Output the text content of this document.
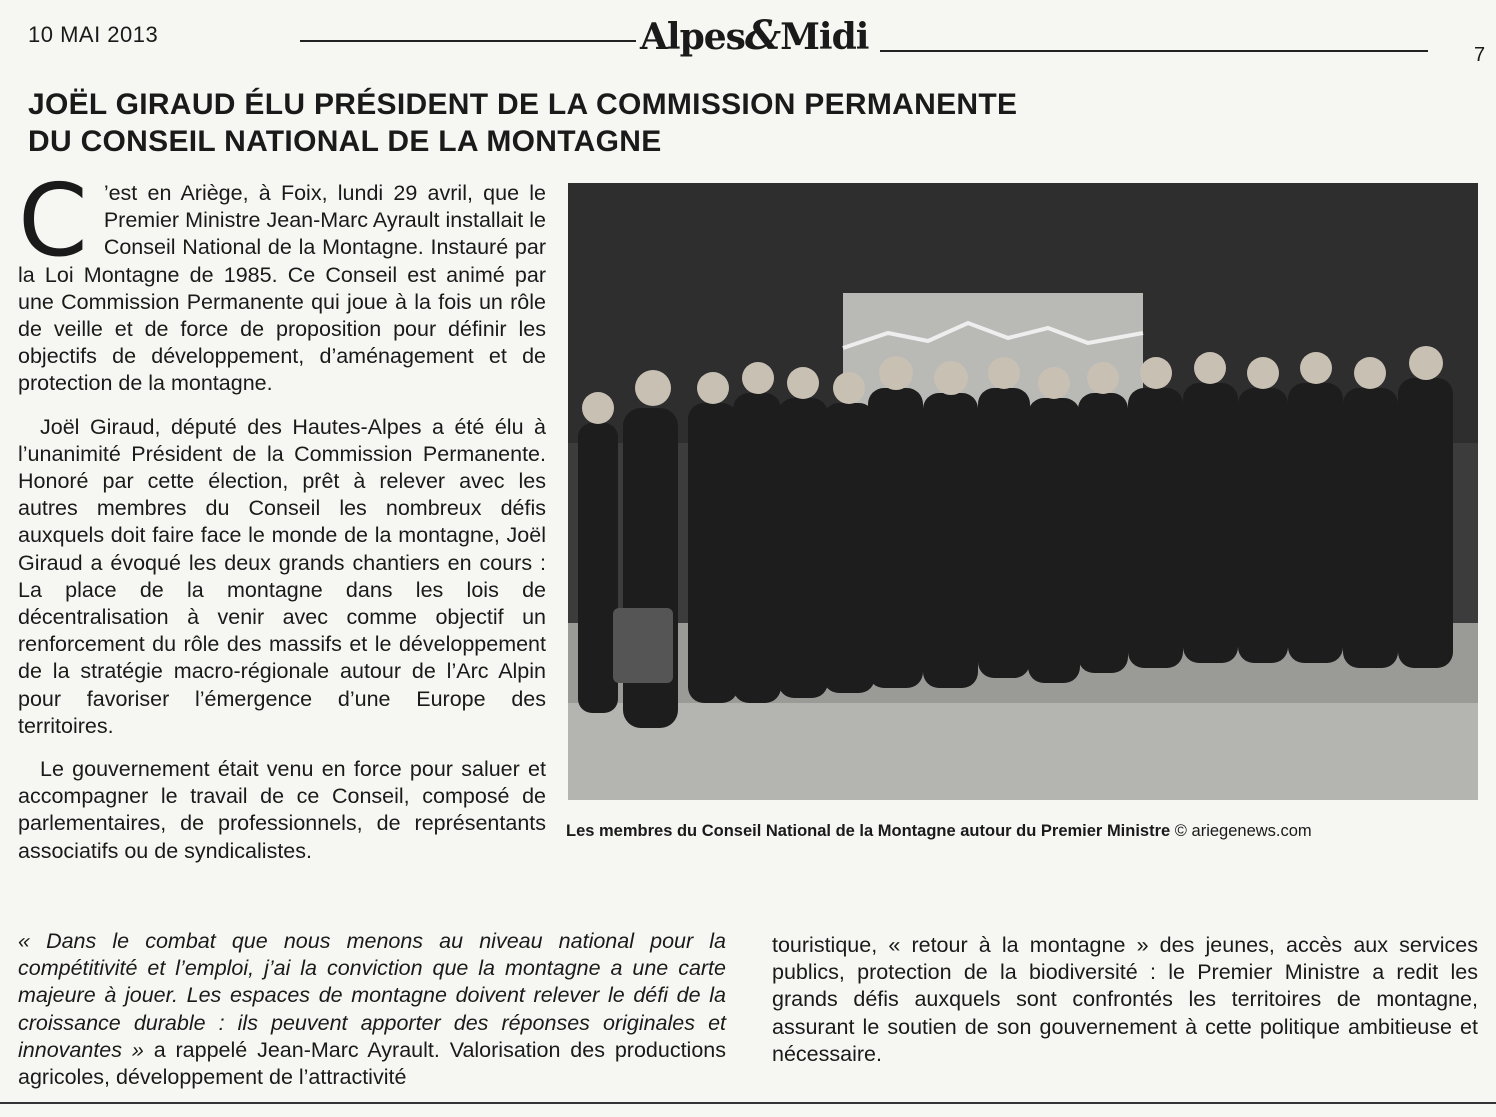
10 MAI 2013	Alpes&Midi	7
JOËL GIRAUD ÉLU PRÉSIDENT DE LA COMMISSION PERMANENTE
DU CONSEIL NATIONAL DE LA MONTAGNE

C ’est en Ariège, à Foix, lundi 29 avril, que le Premier Ministre Jean-Marc Ayrault installait le Conseil National de la Montagne. Instauré par la Loi Montagne de 1985. Ce Conseil est animé par une Commission Permanente qui joue à la fois un rôle de veille et de force de proposition pour définir les objectifs de développement, d’aménagement et de protection de la montagne.

Joël Giraud, député des Hautes-Alpes a été élu à l’unanimité Président de la Commission Permanente. Honoré par cette élection, prêt à relever avec les autres membres du Conseil les nombreux défis auxquels doit faire face le monde de la montagne, Joël Giraud a évoqué les deux grands chantiers en cours : La place de la montagne dans les lois de décentralisation à venir avec comme objectif un renforcement du rôle des massifs et le développement de la stratégie macro-régionale autour de l’Arc Alpin pour favoriser l’émergence d’une Europe des territoires.

Le gouvernement était venu en force pour saluer et accompagner le travail de ce Conseil, composé de parlementaires, de professionnels, de représentants associatifs ou de syndicalistes.

Les membres du Conseil National de la Montagne autour du Premier Ministre © ariegenews.com
« Dans le combat que nous menons au niveau national pour la compétitivité et l’emploi, j’ai la conviction que la montagne a une carte majeure à jouer. Les espaces de montagne doivent relever le défi de la croissance durable : ils peuvent apporter des réponses originales et innovantes » a rappelé Jean-Marc Ayrault. Valorisation des productions agricoles, développement de l’attractivité
touristique, « retour à la montagne » des jeunes, accès aux services publics, protection de la biodiversité : le Premier Ministre a redit les grands défis auxquels sont confrontés les territoires de montagne, assurant le soutien de son gouvernement à cette politique ambitieuse et nécessaire.
